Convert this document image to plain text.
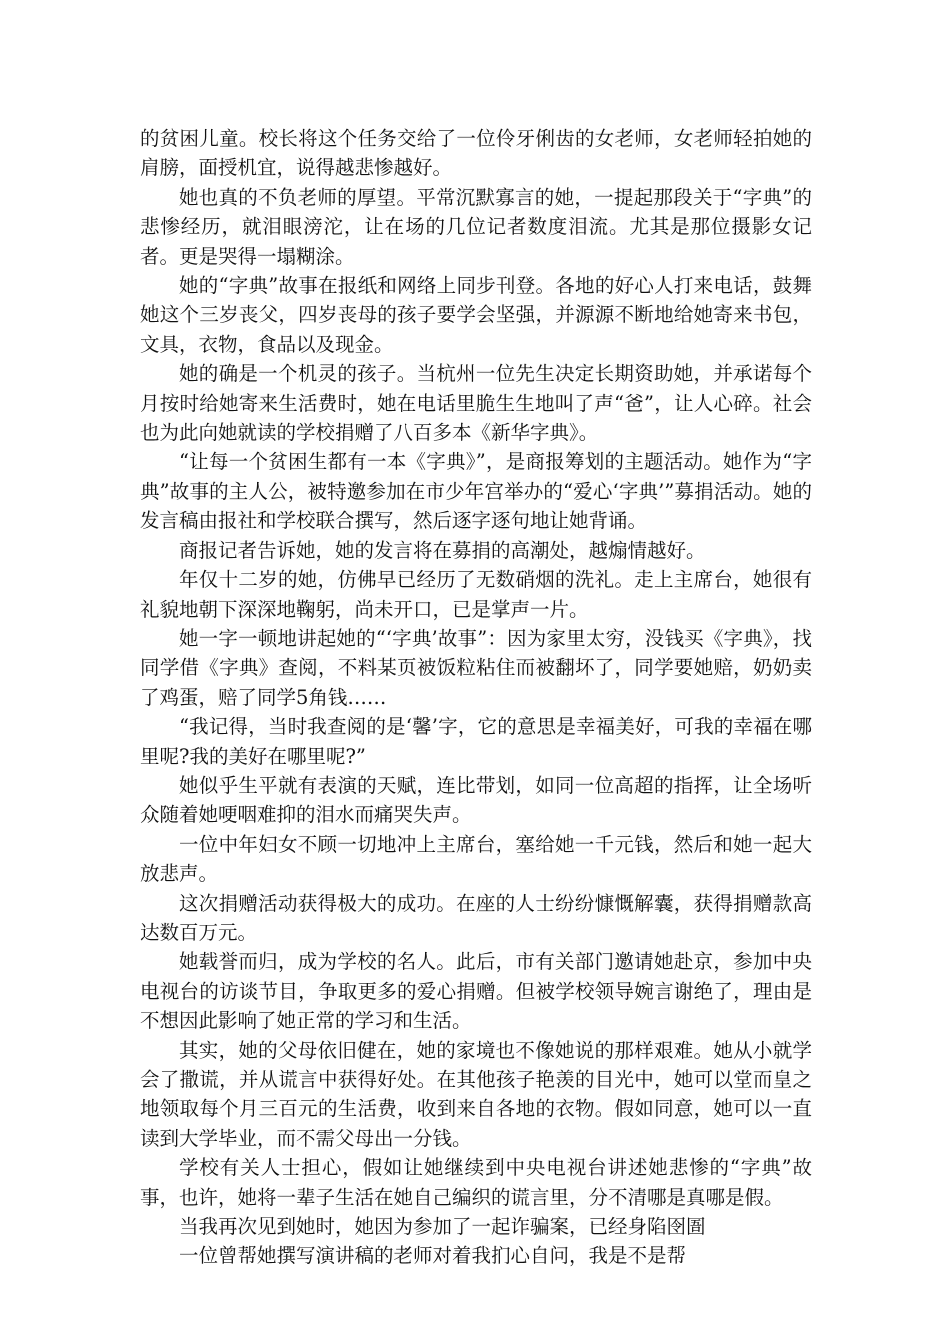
的贫困儿童。校长将这个任务交给了一位伶牙俐齿的女老师，女老师轻拍她的肩膀，面授机宜，说得越悲惨越好。

她也真的不负老师的厚望。平常沉默寡言的她，一提起那段关于“字典”的悲惨经历，就泪眼滂沱，让在场的几位记者数度泪流。尤其是那位摄影女记者。更是哭得一塌糊涂。

她的“字典”故事在报纸和网络上同步刊登。各地的好心人打来电话，鼓舞她这个三岁丧父，四岁丧母的孩子要学会坚强，并源源不断地给她寄来书包，文具，衣物，食品以及现金。

她的确是一个机灵的孩子。当杭州一位先生决定长期资助她，并承诺每个月按时给她寄来生活费时，她在电话里脆生生地叫了声“爸”，让人心碎。社会也为此向她就读的学校捐赠了八百多本《新华字典》。

“让每一个贫困生都有一本《字典》”，是商报筹划的主题活动。她作为“字典”故事的主人公，被特邀参加在市少年宫举办的“爱心‘字典’”募捐活动。她的发言稿由报社和学校联合撰写，然后逐字逐句地让她背诵。

商报记者告诉她，她的发言将在募捐的高潮处，越煽情越好。

年仅十二岁的她，仿佛早已经历了无数硝烟的洗礼。走上主席台，她很有礼貌地朝下深深地鞠躬，尚未开口，已是掌声一片。

她一字一顿地讲起她的“‘字典’故事”：因为家里太穷，没钱买《字典》，找同学借《字典》查阅，不料某页被饭粒粘住而被翻坏了，同学要她赔，奶奶卖了鸡蛋，赔了同学5角钱……

“我记得，当时我查阅的是‘馨’字，它的意思是幸福美好，可我的幸福在哪里呢?我的美好在哪里呢?”

她似乎生平就有表演的天赋，连比带划，如同一位高超的指挥，让全场听众随着她哽咽难抑的泪水而痛哭失声。

一位中年妇女不顾一切地冲上主席台，塞给她一千元钱，然后和她一起大放悲声。

这次捐赠活动获得极大的成功。在座的人士纷纷慷慨解囊，获得捐赠款高达数百万元。

她载誉而归，成为学校的名人。此后，市有关部门邀请她赴京，参加中央电视台的访谈节目，争取更多的爱心捐赠。但被学校领导婉言谢绝了，理由是不想因此影响了她正常的学习和生活。

其实，她的父母依旧健在，她的家境也不像她说的那样艰难。她从小就学会了撒谎，并从谎言中获得好处。在其他孩子艳羡的目光中，她可以堂而皇之地领取每个月三百元的生活费，收到来自各地的衣物。假如同意，她可以一直读到大学毕业，而不需父母出一分钱。

学校有关人士担心，假如让她继续到中央电视台讲述她悲惨的“字典”故事，也许，她将一辈子生活在她自己编织的谎言里，分不清哪是真哪是假。

当我再次见到她时，她因为参加了一起诈骗案，已经身陷囹圄

一位曾帮她撰写演讲稿的老师对着我扪心自问，我是不是帮
